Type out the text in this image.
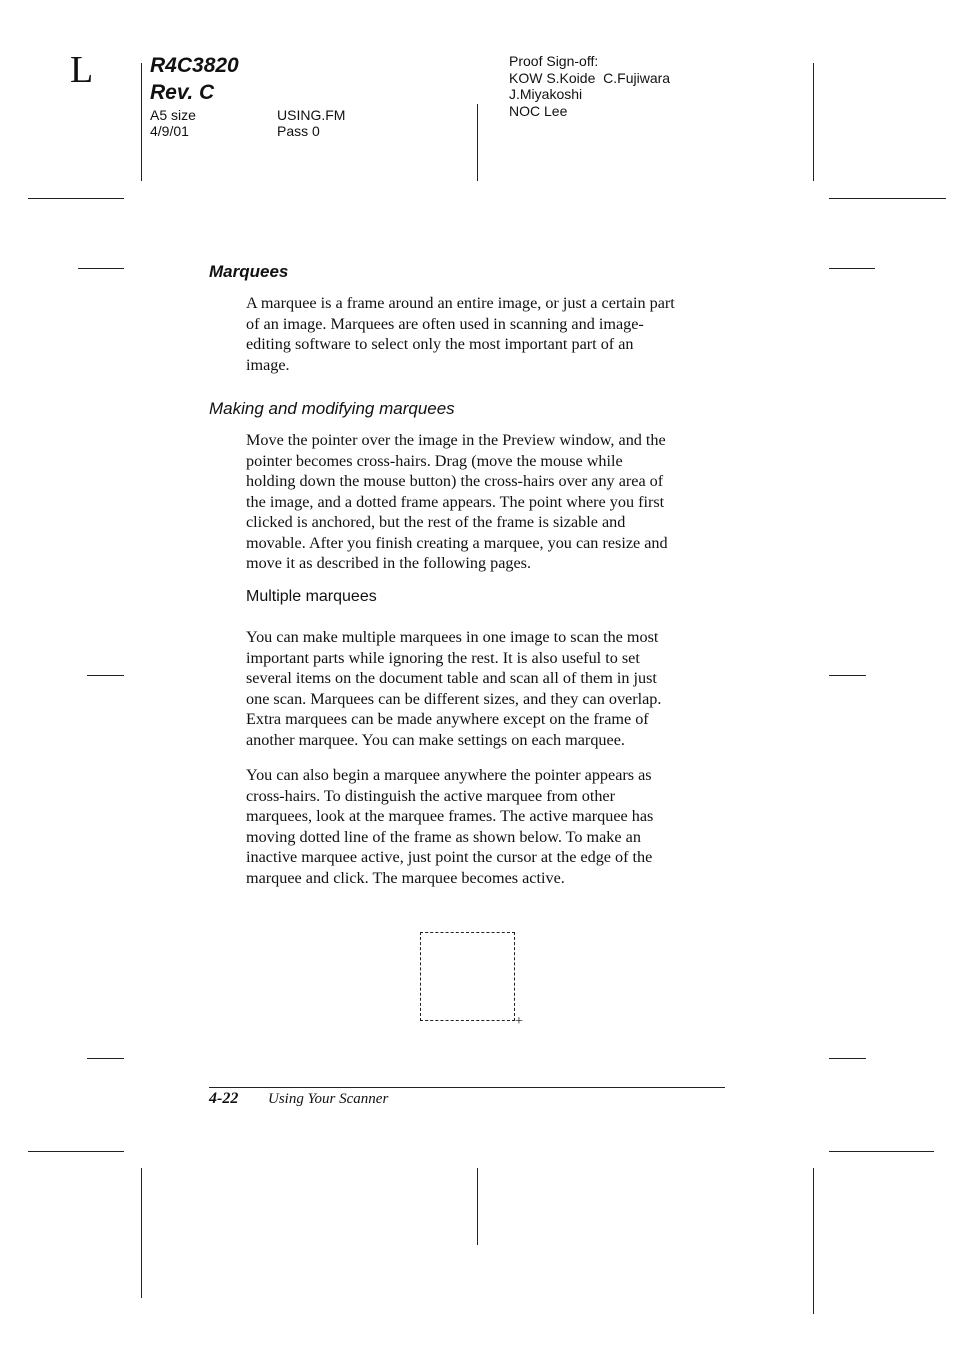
L	R4C3820
Rev. C
A5 size
4/9/01
USING.FM
Pass 0
Proof Sign-off:
KOW S.Koide  C.Fujiwara
J.Miyakoshi
NOC Lee
Marquees
A marquee is a frame around an entire image, or just a certain part
of an image. Marquees are often used in scanning and image-
editing software to select only the most important part of an
image.
Making and modifying marquees
Move the pointer over the image in the Preview window, and the
pointer becomes cross-hairs. Drag (move the mouse while
holding down the mouse button) the cross-hairs over any area of
the image, and a dotted frame appears. The point where you first
clicked is anchored, but the rest of the frame is sizable and
movable. After you finish creating a marquee, you can resize and
move it as described in the following pages.
Multiple marquees
You can make multiple marquees in one image to scan the most
important parts while ignoring the rest. It is also useful to set
several items on the document table and scan all of them in just
one scan. Marquees can be different sizes, and they can overlap.
Extra marquees can be made anywhere except on the frame of
another marquee. You can make settings on each marquee.
You can also begin a marquee anywhere the pointer appears as
cross-hairs. To distinguish the active marquee from other
marquees, look at the marquee frames. The active marquee has
moving dotted line of the frame as shown below. To make an
inactive marquee active, just point the cursor at the edge of the
marquee and click. The marquee becomes active.
+
4-22 Using Your Scanner
